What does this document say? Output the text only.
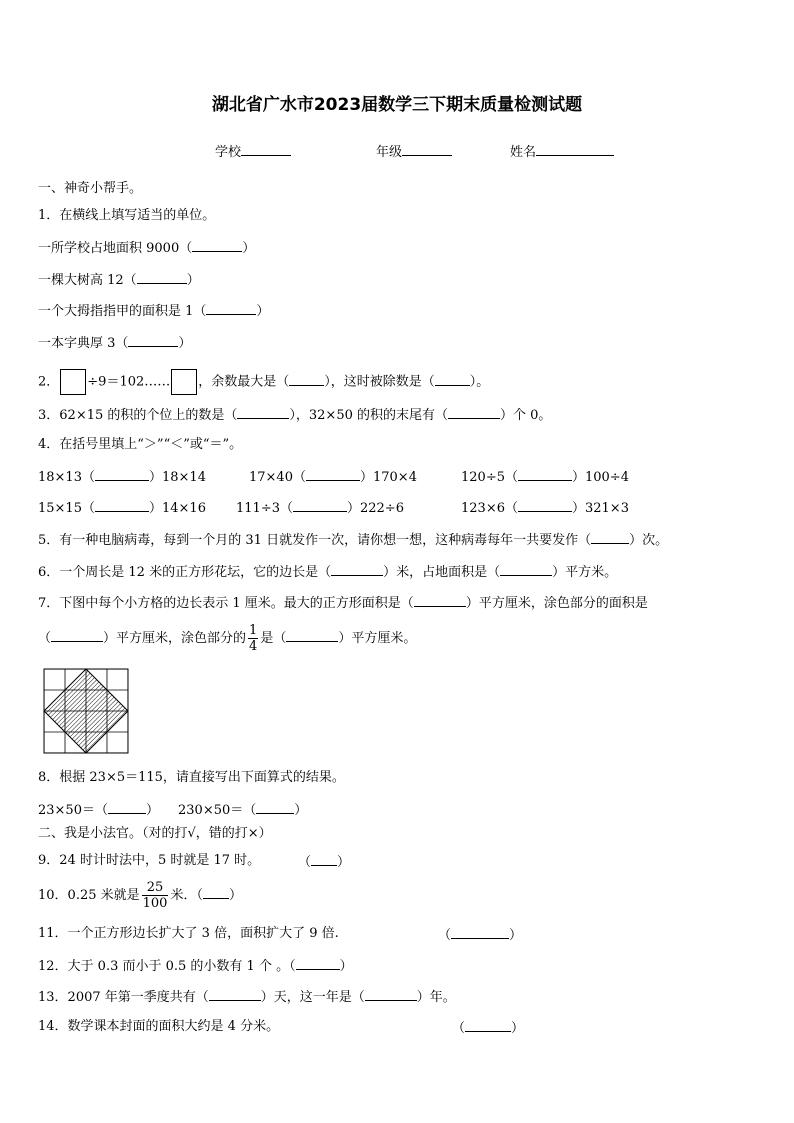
湖北省广水市2023届数学三下期末质量检测试题
学校	年级	姓名
一、神奇小帮手。
1．在横线上填写适当的单位。
一所学校占地面积 9000（	）
一棵大树高 12（	）
一个大拇指指甲的面积是 1（	）
一本字典厚 3（	）
2． ÷9＝102…… ，余数最大是（	），这时被除数是（	）。
3．62×15 的积的个位上的数是（	），32×50 的积的末尾有（	）个 0。
4．在括号里填上“＞”“＜”或“＝”。
18×13（	）18×14	17×40（	）170×4	120÷5（	）100÷4
15×15（	）14×16 111÷3（	）222÷6	123×6（	）321×3
5．有一种电脑病毒，每到一个月的 31 日就发作一次，请你想一想，这种病毒每年一共要发作（	）次。
6．一个周长是 12 米的正方形花坛，它的边长是（	）米，占地面积是（	）平方米。
7．下图中每个小方格的边长表示 1 厘米。最大的正方形面积是（	）平方厘米，涂色部分的面积是
（	）平方厘米，涂色部分的 $\frac{1}{4}$ 是（	）平方厘米。
8．根据 23×5＝115，请直接写出下面算式的结果。
23×50＝（	） 230×50＝（	）
二、我是小法官。（对的打√，错的打×）
9．24 时计时法中，5 时就是 17 时。	（ ）
10．0.25 米就是 $\frac{25}{100}$ 米．（ ）
11．一个正方形边长扩大了 3 倍，面积扩大了 9 倍.	（	）
12．大于 0.3 而小于 0.5 的小数有 1 个 。（	）
13．2007 年第一季度共有（	）天，这一年是（	）年。
14．数学课本封面的面积大约是 4 分米。	（	）
